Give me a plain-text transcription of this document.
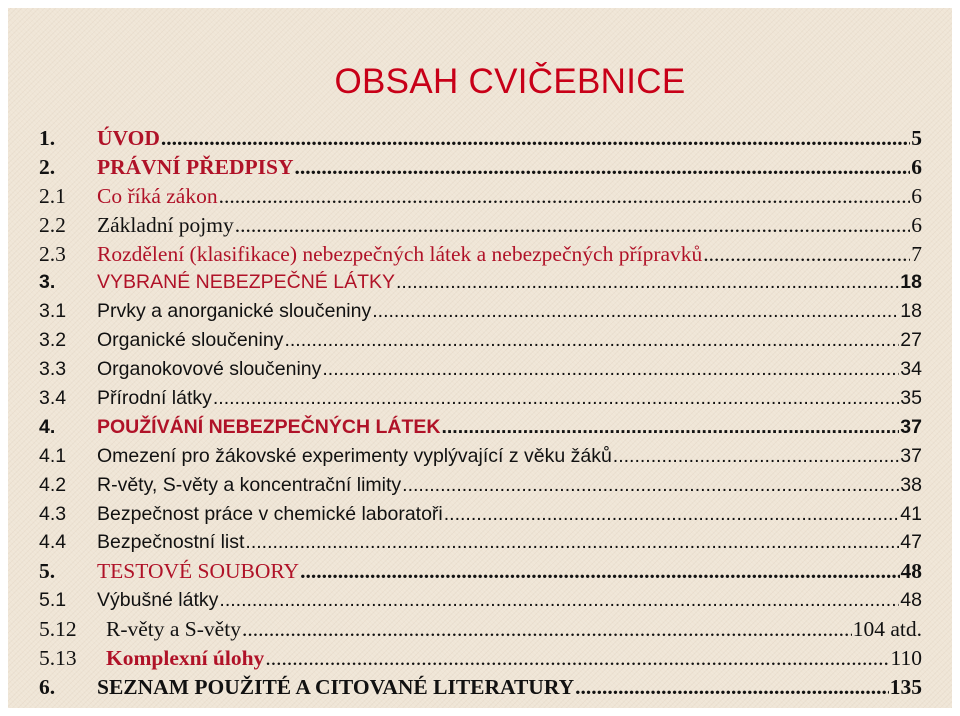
OBSAH CVIČEBNICE
1.	ÚVOD .....	5
2.	PRÁVNÍ PŘEDPISY .....	6
2.1	Co říká zákon .....	6
2.2	Základní pojmy .....	6
2.3	Rozdělení (klasifikace) nebezpečných látek a nebezpečných přípravků .....	7
3.	VYBRANÉ NEBEZPEČNÉ LÁTKY .....	18
3.1	Prvky a anorganické sloučeniny .....	18
3.2	Organické sloučeniny .....	27
3.3	Organokovové sloučeniny .....	34
3.4	Přírodní látky .....	35
4.	POUŽÍVÁNÍ NEBEZPEČNÝCH LÁTEK .....	37
4.1	Omezení pro žákovské experimenty vyplývající z věku žáků .....	37
4.2	R-věty, S-věty a koncentrační limity .....	38
4.3	Bezpečnost práce v chemické laboratoři .....	41
4.4	Bezpečnostní list .....	47
5.	TESTOVÉ SOUBORY .....	48
5.1	Výbušné látky .....	48
5.12	R-věty a S-věty .....	104 atd.
5.13	Komplexní úlohy .....	110
6.	SEZNAM POUŽITÉ A CITOVANÉ LITERATURY .....	135
